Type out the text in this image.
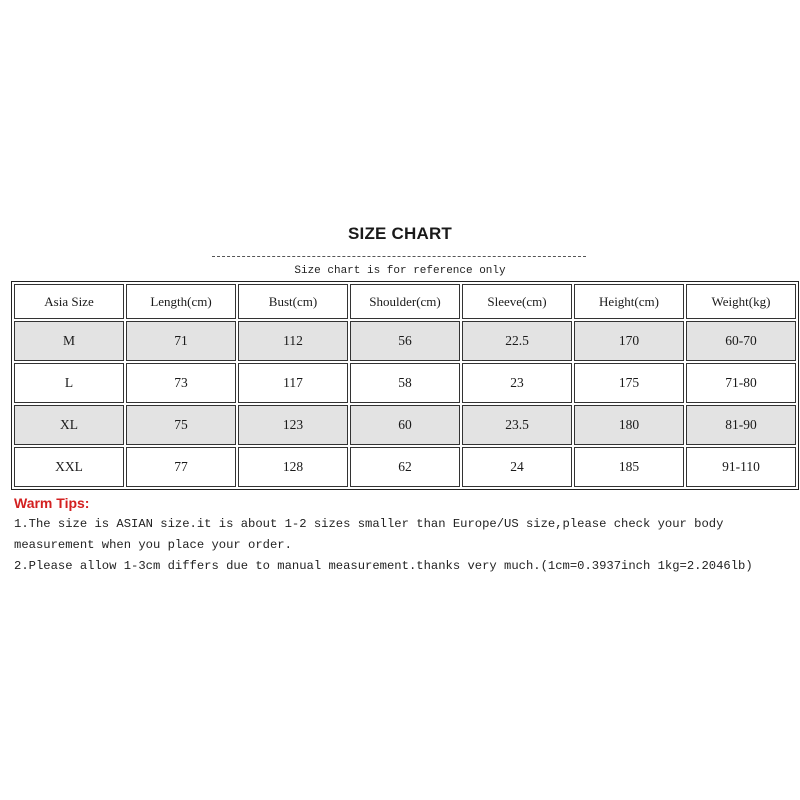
SIZE CHART
Size chart is for reference only
Asia Size	Length(cm)	Bust(cm)	Shoulder(cm)	Sleeve(cm)	Height(cm)	Weight(kg)
M	71	112	56	22.5	170	60-70
L	73	117	58	23	175	71-80
XL	75	123	60	23.5	180	81-90
XXL	77	128	62	24	185	91-110
Warm Tips:
1.The size is ASIAN size.it is about 1-2 sizes smaller than Europe/US size,please check your body
measurement when you place your order.
2.Please allow 1-3cm differs due to manual measurement.thanks very much.(1cm=0.3937inch 1kg=2.2046lb)
